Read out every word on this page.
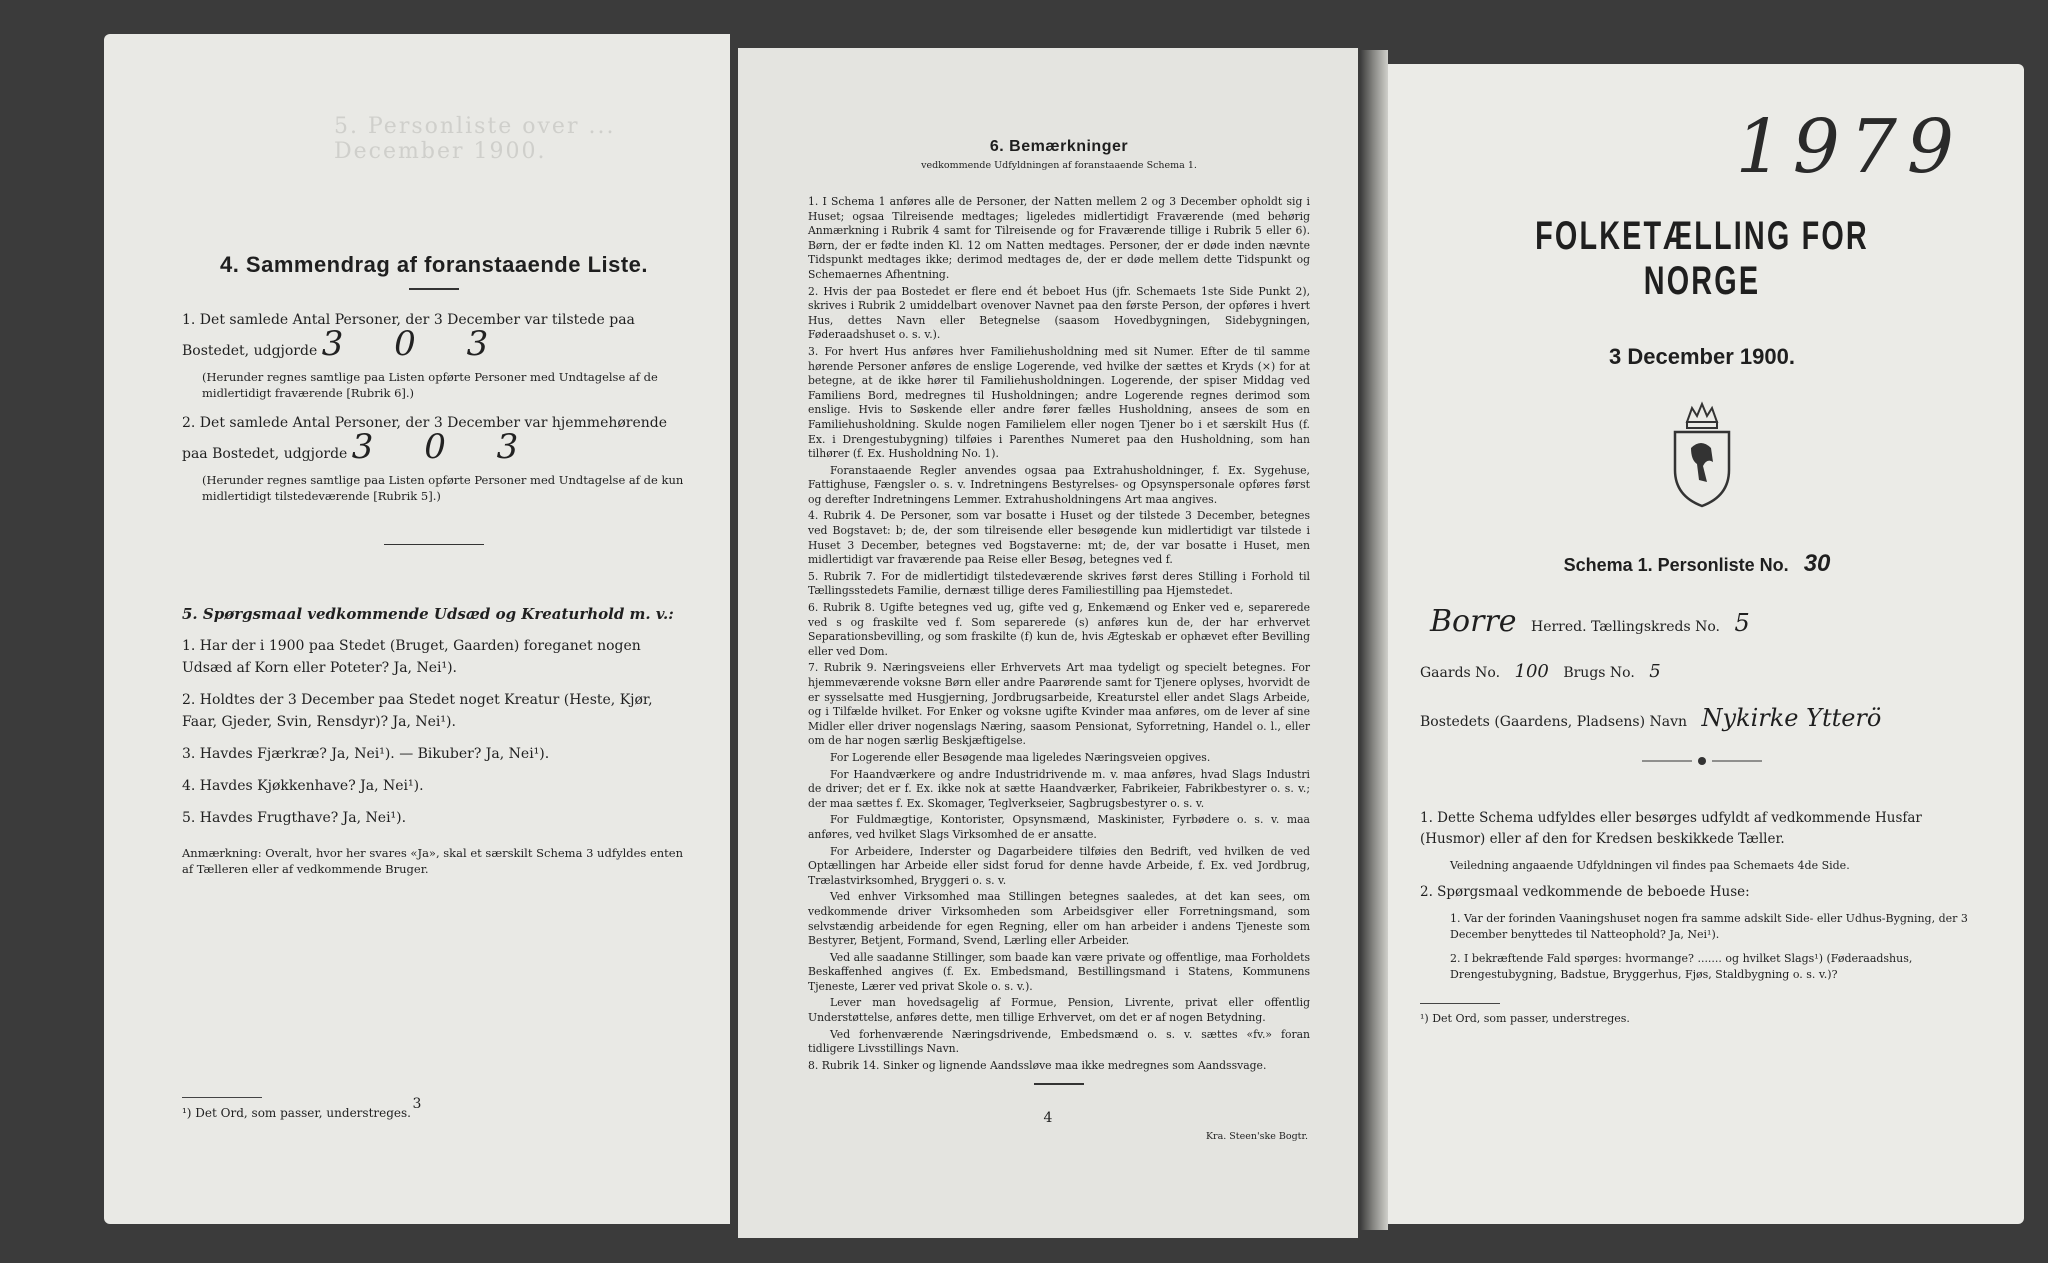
5. Personliste over ... December 1900.
4. Sammendrag af foranstaaende Liste.

1. Det samlede Antal Personer, der 3 December var tilstede paa Bostedet, udgjorde 3 0 3

(Herunder regnes samtlige paa Listen opførte Personer med Undtagelse af de midlertidigt fraværende [Rubrik 6].)

2. Det samlede Antal Personer, der 3 December var hjemmehørende paa Bostedet, udgjorde 3 0 3

(Herunder regnes samtlige paa Listen opførte Personer med Undtagelse af de kun midlertidigt tilstedeværende [Rubrik 5].)

5. Spørgsmaal vedkommende Udsæd og Kreaturhold m. v.:

1. Har der i 1900 paa Stedet (Bruget, Gaarden) foreganet nogen Udsæd af Korn eller Poteter? Ja, Nei¹).

2. Holdtes der 3 December paa Stedet noget Kreatur (Heste, Kjør, Faar, Gjeder, Svin, Rensdyr)? Ja, Nei¹).

3. Havdes Fjærkræ? Ja, Nei¹). — Bikuber? Ja, Nei¹).

4. Havdes Kjøkkenhave? Ja, Nei¹).

5. Havdes Frugthave? Ja, Nei¹).

Anmærkning: Overalt, hvor her svares «Ja», skal et særskilt Schema 3 udfyldes enten af Tælleren eller af vedkommende Bruger.

¹) Det Ord, som passer, understreges.
3
6. Bemærkninger
vedkommende Udfyldningen af foranstaaende Schema 1.

1. I Schema 1 anføres alle de Personer, der Natten mellem 2 og 3 December opholdt sig i Huset; ogsaa Tilreisende medtages; ligeledes midlertidigt Fraværende (med behørig Anmærkning i Rubrik 4 samt for Tilreisende og for Fraværende tillige i Rubrik 5 eller 6). Børn, der er fødte inden Kl. 12 om Natten medtages. Personer, der er døde inden nævnte Tidspunkt medtages ikke; derimod medtages de, der er døde mellem dette Tidspunkt og Schemaernes Afhentning.

2. Hvis der paa Bostedet er flere end ét beboet Hus (jfr. Schemaets 1ste Side Punkt 2), skrives i Rubrik 2 umiddelbart ovenover Navnet paa den første Person, der opføres i hvert Hus, dettes Navn eller Betegnelse (saasom Hovedbygningen, Sidebygningen, Føderaadshuset o. s. v.).

3. For hvert Hus anføres hver Familiehusholdning med sit Numer. Efter de til samme hørende Personer anføres de enslige Logerende, ved hvilke der sættes et Kryds (×) for at betegne, at de ikke hører til Familiehusholdningen. Logerende, der spiser Middag ved Familiens Bord, medregnes til Husholdningen; andre Logerende regnes derimod som enslige. Hvis to Søskende eller andre fører fælles Husholdning, ansees de som en Familiehusholdning. Skulde nogen Familielem eller nogen Tjener bo i et særskilt Hus (f. Ex. i Drengestubygning) tilføies i Parenthes Numeret paa den Husholdning, som han tilhører (f. Ex. Husholdning No. 1).

Foranstaaende Regler anvendes ogsaa paa Extrahusholdninger, f. Ex. Sygehuse, Fattighuse, Fængsler o. s. v. Indretningens Bestyrelses- og Opsynspersonale opføres først og derefter Indretningens Lemmer. Extrahusholdningens Art maa angives.

4. Rubrik 4. De Personer, som var bosatte i Huset og der tilstede 3 December, betegnes ved Bogstavet: b; de, der som tilreisende eller besøgende kun midlertidigt var tilstede i Huset 3 December, betegnes ved Bogstaverne: mt; de, der var bosatte i Huset, men midlertidigt var fraværende paa Reise eller Besøg, betegnes ved f.

5. Rubrik 7. For de midlertidigt tilstedeværende skrives først deres Stilling i Forhold til Tællingsstedets Familie, dernæst tillige deres Familiestilling paa Hjemstedet.

6. Rubrik 8. Ugifte betegnes ved ug, gifte ved g, Enkemænd og Enker ved e, separerede ved s og fraskilte ved f. Som separerede (s) anføres kun de, der har erhvervet Separationsbevilling, og som fraskilte (f) kun de, hvis Ægteskab er ophævet efter Bevilling eller ved Dom.

7. Rubrik 9. Næringsveiens eller Erhvervets Art maa tydeligt og specielt betegnes. For hjemmeværende voksne Børn eller andre Paarørende samt for Tjenere oplyses, hvorvidt de er sysselsatte med Husgjerning, Jordbrugsarbeide, Kreaturstel eller andet Slags Arbeide, og i Tilfælde hvilket. For Enker og voksne ugifte Kvinder maa anføres, om de lever af sine Midler eller driver nogenslags Næring, saasom Pensionat, Syforretning, Handel o. l., eller om de har nogen særlig Beskjæftigelse.

For Logerende eller Besøgende maa ligeledes Næringsveien opgives.

For Haandværkere og andre Industridrivende m. v. maa anføres, hvad Slags Industri de driver; det er f. Ex. ikke nok at sætte Haandværker, Fabrikeier, Fabrikbestyrer o. s. v.; der maa sættes f. Ex. Skomager, Teglverkseier, Sagbrugsbestyrer o. s. v.

For Fuldmægtige, Kontorister, Opsynsmænd, Maskinister, Fyrbødere o. s. v. maa anføres, ved hvilket Slags Virksomhed de er ansatte.

For Arbeidere, Inderster og Dagarbeidere tilføies den Bedrift, ved hvilken de ved Optællingen har Arbeide eller sidst forud for denne havde Arbeide, f. Ex. ved Jordbrug, Trælastvirksomhed, Bryggeri o. s. v.

Ved enhver Virksomhed maa Stillingen betegnes saaledes, at det kan sees, om vedkommende driver Virksomheden som Arbeidsgiver eller Forretningsmand, som selvstændig arbeidende for egen Regning, eller om han arbeider i andens Tjeneste som Bestyrer, Betjent, Formand, Svend, Lærling eller Arbeider.

Ved alle saadanne Stillinger, som baade kan være private og offentlige, maa Forholdets Beskaffenhed angives (f. Ex. Embedsmand, Bestillingsmand i Statens, Kommunens Tjeneste, Lærer ved privat Skole o. s. v.).

Lever man hovedsagelig af Formue, Pension, Livrente, privat eller offentlig Understøttelse, anføres dette, men tillige Erhvervet, om det er af nogen Betydning.

Ved forhenværende Næringsdrivende, Embedsmænd o. s. v. sættes «fv.» foran tidligere Livsstillings Navn.

8. Rubrik 14. Sinker og lignende Aandssløve maa ikke medregnes som Aandssvage.

4
Kra. Steen'ske Bogtr.
1979
FOLKETÆLLING FOR NORGE
3 December 1900.
Schema 1. Personliste No. 30
Borre Herred. Tællingskreds No. 5
Gaards No. 100 Brugs No. 5
Bostedets (Gaardens, Pladsens) Navn Nykirke Ytterö

1. Dette Schema udfyldes eller besørges udfyldt af vedkommende Husfar (Husmor) eller af den for Kredsen beskikkede Tæller.

Veiledning angaaende Udfyldningen vil findes paa Schemaets 4de Side.

2. Spørgsmaal vedkommende de beboede Huse:

1. Var der forinden Vaaningshuset nogen fra samme adskilt Side- eller Udhus-Bygning, der 3 December benyttedes til Natteophold? Ja, Nei¹).

2. I bekræftende Fald spørges: hvormange? ....... og hvilket Slags¹) (Føderaadshus, Drengestubygning, Badstue, Bryggerhus, Fjøs, Staldbygning o. s. v.)?

¹) Det Ord, som passer, understreges.
